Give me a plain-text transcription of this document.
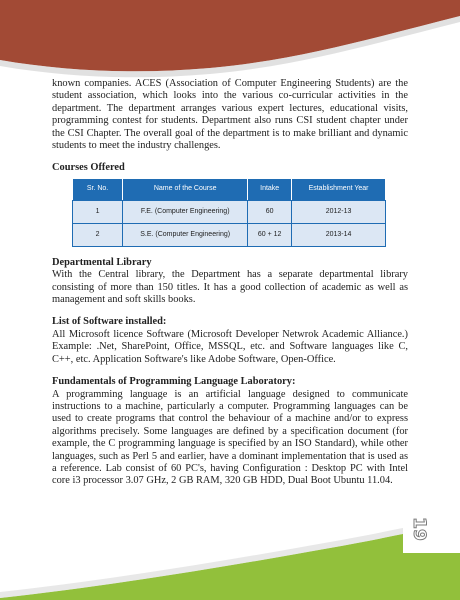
19

known companies. ACES (Association of Computer Engineering Students) are the student association, which looks into the various co-curricular activities in the department. The department arranges various expert lectures, educational visits, programming contest for students. Department also runs CSI student chapter under the CSI Chapter. The overall goal of the department is to make brilliant and dynamic students to meet the industry challenges.

Courses Offered
Sr. No.	Name of the Course	Intake	Establishment Year
1	F.E. (Computer Engineering)	60	2012-13
2	S.E. (Computer Engineering)	60 + 12	2013-14
Departmental Library

With the Central library, the Department has a separate departmental library consisting of more than 150 titles. It has a good collection of academic as well as management and soft skills books.

List of Software installed:

All Microsoft licence Software (Microsoft Developer Netwrok Academic Alliance.) Example: .Net, SharePoint, Office, MSSQL, etc. and Software languages like C, C++, etc. Application Software's like Adobe Software, Open-Office.

Fundamentals of Programming Language Laboratory:

A programming language is an artificial language designed to communicate instructions to a machine, particularly a computer. Programming languages can be used to create programs that control the behaviour of a machine and/or to express algorithms precisely. Some languages are defined by a specification document (for example, the C programming language is specified by an ISO Standard), while other languages, such as Perl 5 and earlier, have a dominant implementation that is used as a reference. Lab consist of 60 PC's, having Configuration : Desktop PC with Intel core i3 processor 3.07 GHz, 2 GB RAM, 320 GB HDD, Dual Boot Ubuntu 11.04.
